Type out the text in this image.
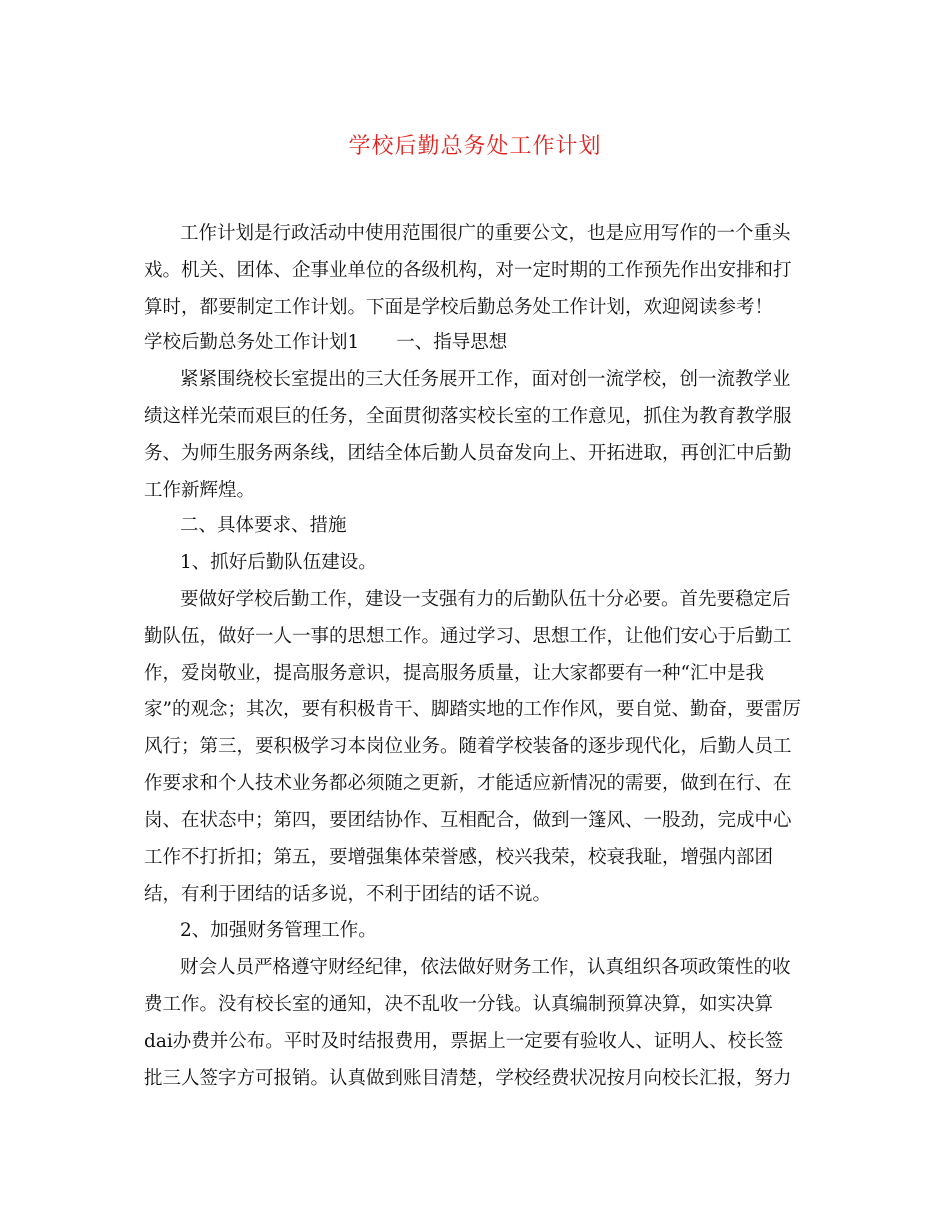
学校后勤总务处工作计划
工作计划是行政活动中使用范围很广的重要公文，也是应用写作的一个重头
戏。机关、团体、企事业单位的各级机构，对一定时期的工作预先作出安排和打
算时，都要制定工作计划。下面是学校后勤总务处工作计划，欢迎阅读参考！
学校后勤总务处工作计划1　　一、指导思想
紧紧围绕校长室提出的三大任务展开工作，面对创一流学校，创一流教学业
绩这样光荣而艰巨的任务，全面贯彻落实校长室的工作意见，抓住为教育教学服
务、为师生服务两条线，团结全体后勤人员奋发向上、开拓进取，再创汇中后勤
工作新辉煌。
二、具体要求、措施
1、抓好后勤队伍建设。
要做好学校后勤工作，建设一支强有力的后勤队伍十分必要。首先要稳定后
勤队伍，做好一人一事的思想工作。通过学习、思想工作，让他们安心于后勤工
作，爱岗敬业，提高服务意识，提高服务质量，让大家都要有一种“汇中是我
家”的观念；其次，要有积极肯干、脚踏实地的工作作风，要自觉、勤奋，要雷厉
风行；第三，要积极学习本岗位业务。随着学校装备的逐步现代化，后勤人员工
作要求和个人技术业务都必须随之更新，才能适应新情况的需要，做到在行、在
岗、在状态中；第四，要团结协作、互相配合，做到一篷风、一股劲，完成中心
工作不打折扣；第五，要增强集体荣誉感，校兴我荣，校衰我耻，增强内部团
结，有利于团结的话多说，不利于团结的话不说。
2、加强财务管理工作。
财会人员严格遵守财经纪律，依法做好财务工作，认真组织各项政策性的收
费工作。没有校长室的通知，决不乱收一分钱。认真编制预算决算，如实决算
dai办费并公布。平时及时结报费用，票据上一定要有验收人、证明人、校长签
批三人签字方可报销。认真做到账目清楚，学校经费状况按月向校长汇报，努力
